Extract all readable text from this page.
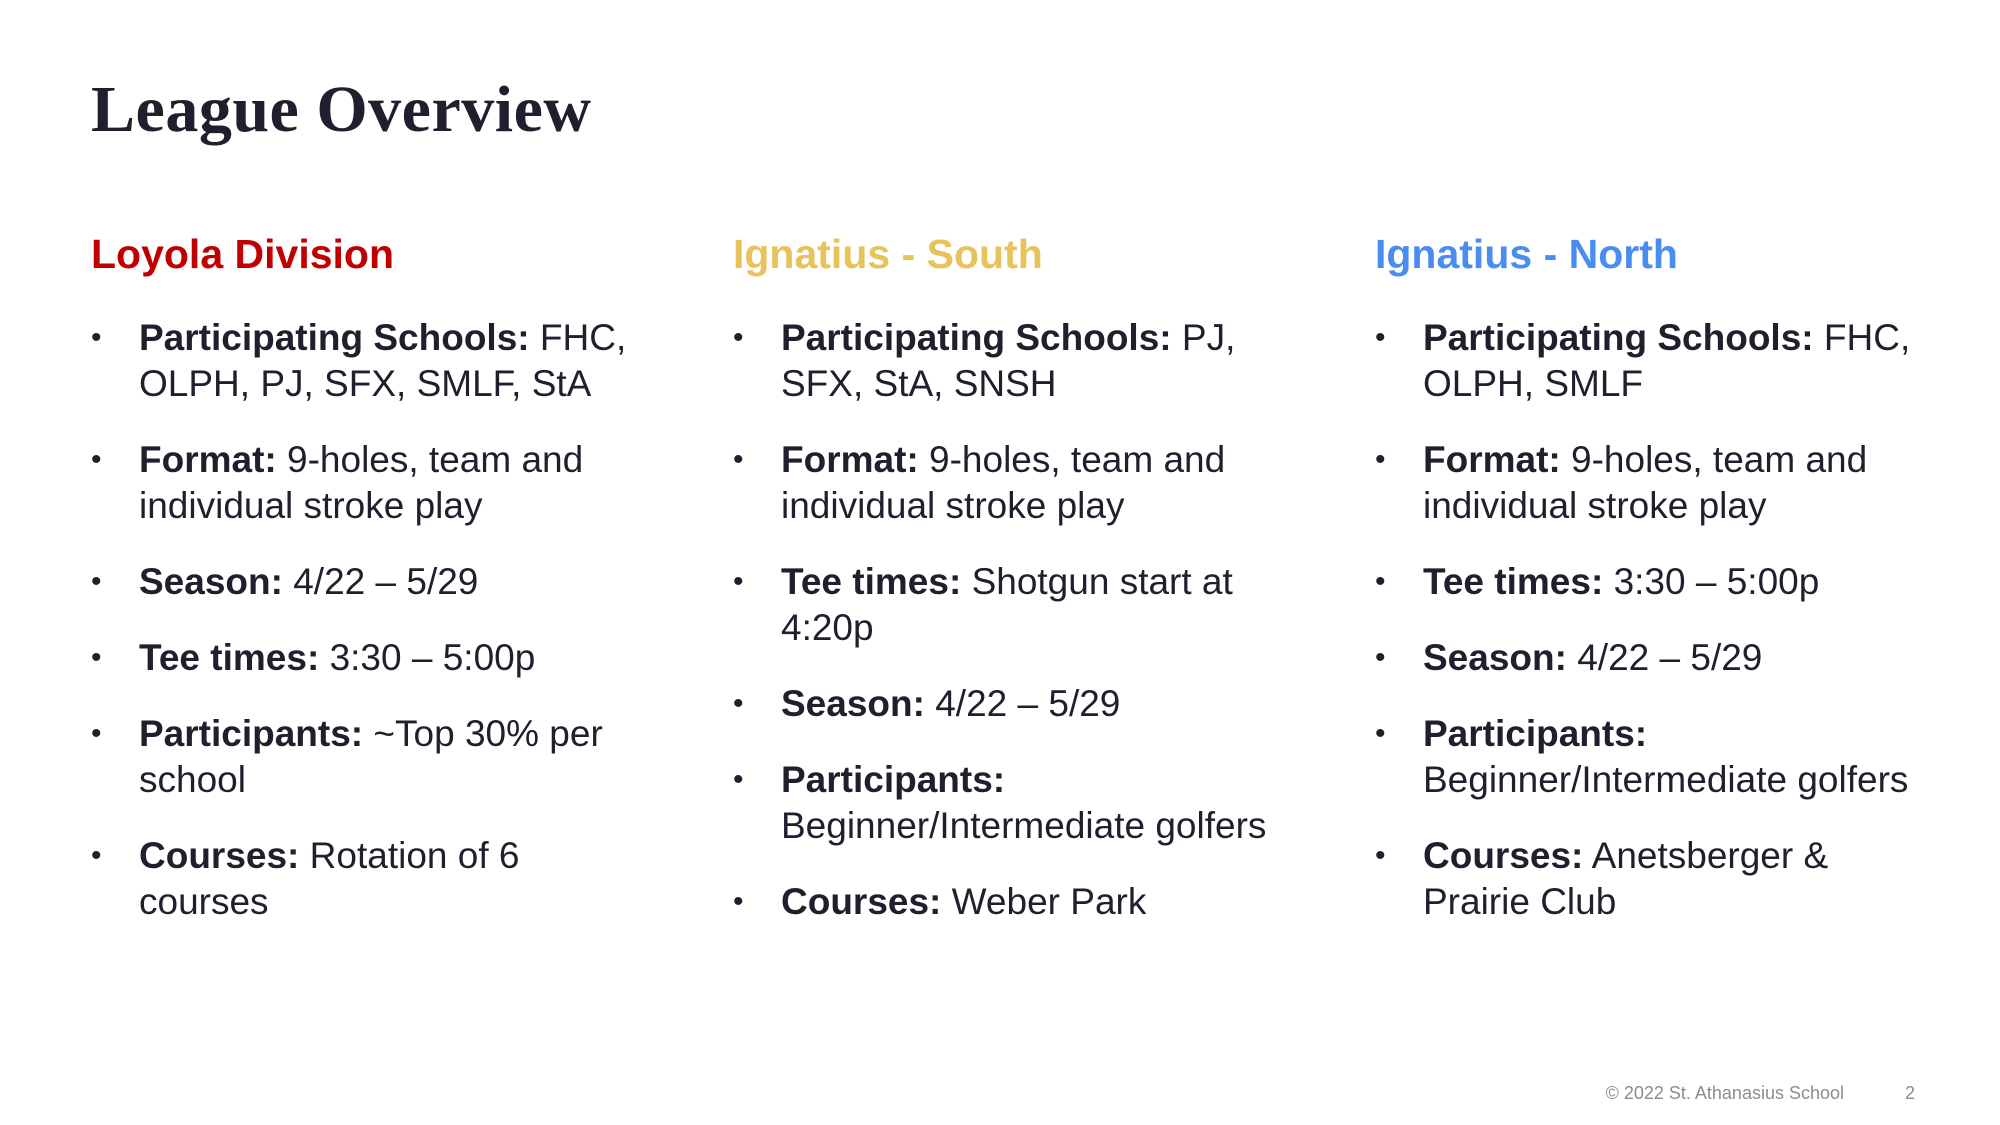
League Overview
Loyola Division
• Participating Schools: FHC, OLPH, PJ, SFX, SMLF, StA
• Format: 9-holes, team and individual stroke play
• Season: 4/22 – 5/29
• Tee times: 3:30 – 5:00p
• Participants: ~Top 30% per school
• Courses: Rotation of 6 courses
Ignatius - South
• Participating Schools: PJ, SFX, StA, SNSH
• Format: 9-holes, team and individual stroke play
• Tee times: Shotgun start at 4:20p
• Season: 4/22 – 5/29
• Participants: Beginner/Intermediate golfers
• Courses: Weber Park
Ignatius - North
• Participating Schools: FHC, OLPH, SMLF
• Format: 9-holes, team and individual stroke play
• Tee times: 3:30 – 5:00p
• Season: 4/22 – 5/29
• Participants: Beginner/Intermediate golfers
• Courses: Anetsberger & Prairie Club
© 2022 St. Athanasius School	2
